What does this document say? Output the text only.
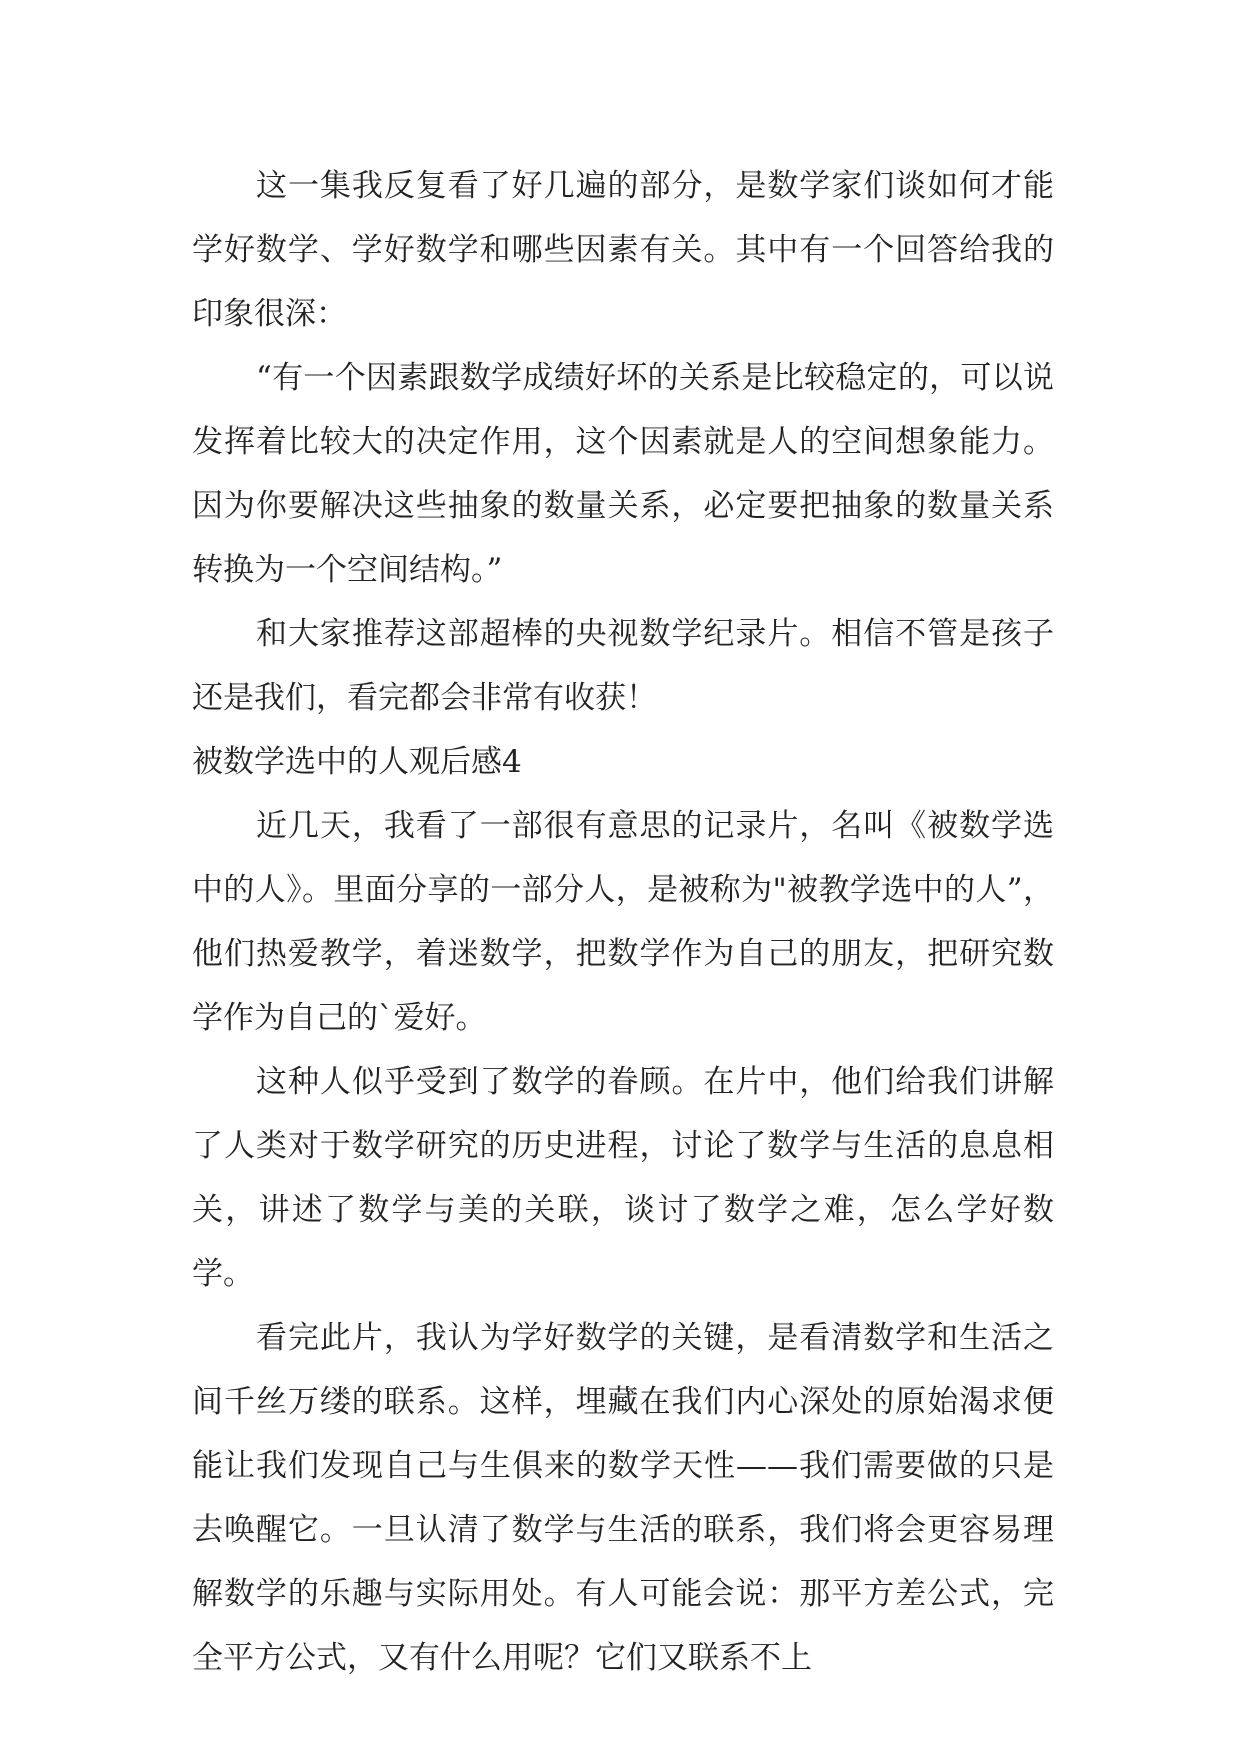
这一集我反复看了好几遍的部分，是数学家们谈如何才能学好数学、学好数学和哪些因素有关。其中有一个回答给我的印象很深：

“有一个因素跟数学成绩好坏的关系是比较稳定的，可以说发挥着比较大的决定作用，这个因素就是人的空间想象能力。因为你要解决这些抽象的数量关系，必定要把抽象的数量关系转换为一个空间结构。”

和大家推荐这部超棒的央视数学纪录片。相信不管是孩子还是我们，看完都会非常有收获！

被数学选中的人观后感4

近几天，我看了一部很有意思的记录片，名叫《被数学选中的人》。里面分享的一部分人，是被称为"被教学选中的人”，他们热爱教学，着迷数学，把数学作为自己的朋友，把研究数学作为自己的`爱好。

这种人似乎受到了数学的眷顾。在片中，他们给我们讲解了人类对于数学研究的历史进程，讨论了数学与生活的息息相关，讲述了数学与美的关联，谈讨了数学之难，怎么学好数学。

看完此片，我认为学好数学的关键，是看清数学和生活之间千丝万缕的联系。这样，埋藏在我们内心深处的原始渴求便能让我们发现自己与生俱来的数学天性——我们需要做的只是去唤醒它。一旦认清了数学与生活的联系，我们将会更容易理解数学的乐趣与实际用处。有人可能会说：那平方差公式，完全平方公式，又有什么用呢？它们又联系不上
